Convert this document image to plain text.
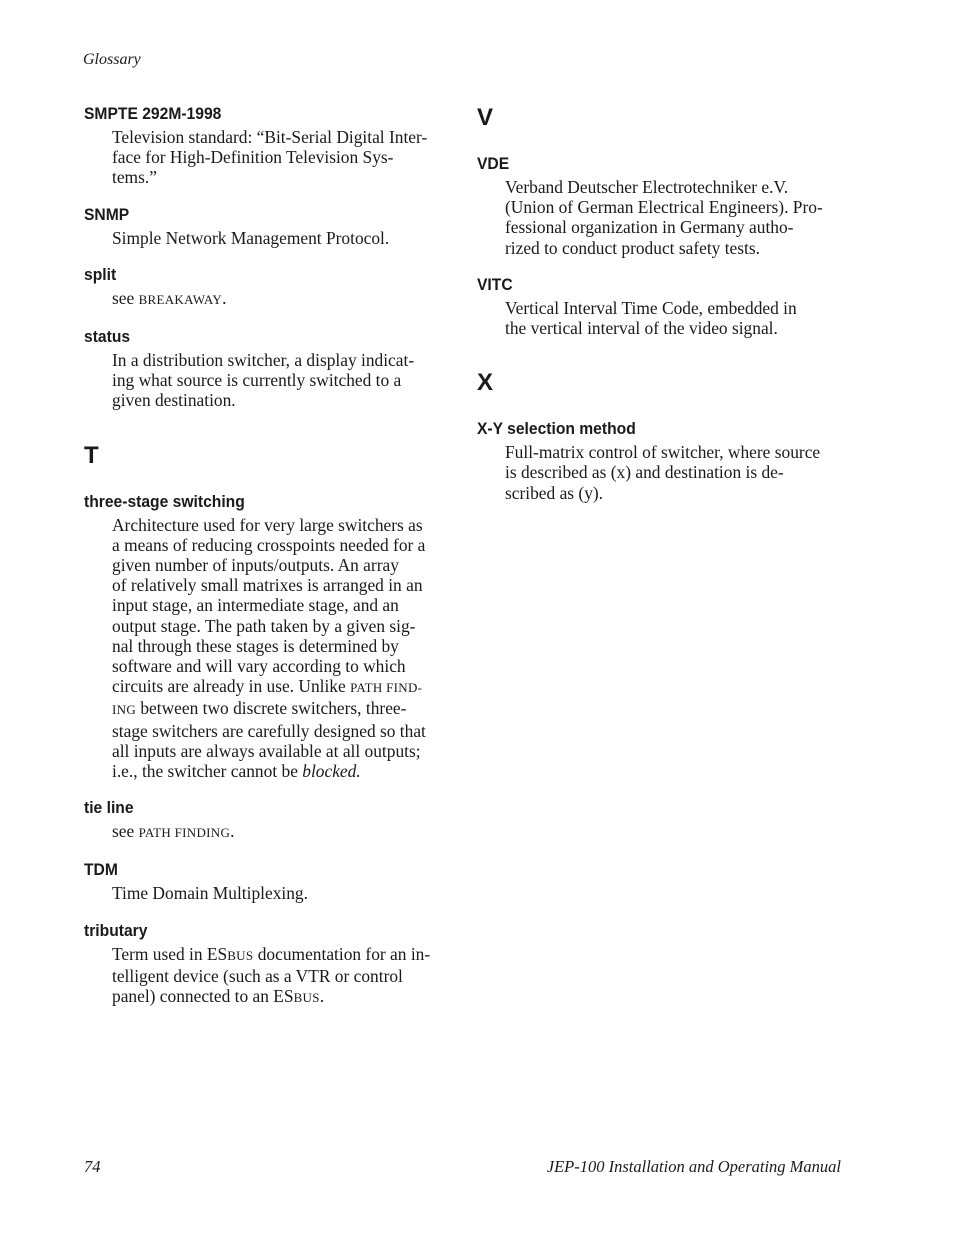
Glossary
SMPTE 292M-1998
Television standard: “Bit-Serial Digital Inter-
face for High-Definition Television Sys-
tems.”
SNMP
Simple Network Management Protocol.
split
see BREAKAWAY.
status
In a distribution switcher, a display indicat-
ing what source is currently switched to a
given destination.
T
three-stage switching
Architecture used for very large switchers as
a means of reducing crosspoints needed for a
given number of inputs/outputs. An array
of relatively small matrixes is arranged in an
input stage, an intermediate stage, and an
output stage. The path taken by a given sig-
nal through these stages is determined by
software and will vary according to which
circuits are already in use. Unlike PATH FIND-
ING between two discrete switchers, three-
stage switchers are carefully designed so that
all inputs are always available at all outputs;
i.e., the switcher cannot be blocked.
tie line
see PATH FINDING.
TDM
Time Domain Multiplexing.
tributary
Term used in ESBUS documentation for an in-
telligent device (such as a VTR or control
panel) connected to an ESBUS.
V
VDE
Verband Deutscher Electrotechniker e.V.
(Union of German Electrical Engineers). Pro-
fessional organization in Germany autho-
rized to conduct product safety tests.
VITC
Vertical Interval Time Code, embedded in
the vertical interval of the video signal.
X
X-Y selection method
Full-matrix control of switcher, where source
is described as (x) and destination is de-
scribed as (y).
74	JEP-100 Installation and Operating Manual
